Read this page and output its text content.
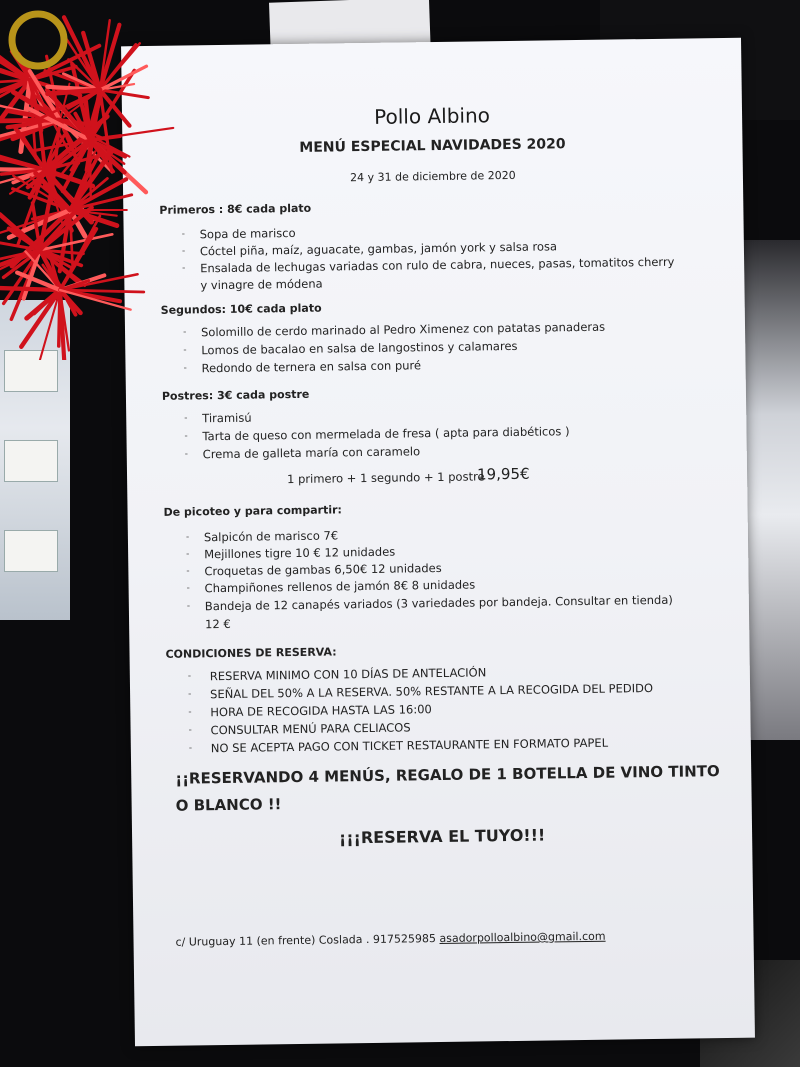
Pollo Albino
MENÚ ESPECIAL NAVIDADES 2020
24 y 31 de diciembre de 2020
Primeros : 8€ cada plato
- Sopa de marisco
- Cóctel piña, maíz, aguacate, gambas, jamón york y salsa rosa
- Ensalada de lechugas variadas con rulo de cabra, nueces, pasas, tomatitos cherry
y vinagre de módena
Segundos: 10€ cada plato
- Solomillo de cerdo marinado al Pedro Ximenez con patatas panaderas
- Lomos de bacalao en salsa de langostinos y calamares
- Redondo de ternera en salsa con puré
Postres: 3€ cada postre
- Tiramisú
- Tarta de queso con mermelada de fresa ( apta para diabéticos )
- Crema de galleta maría con caramelo
1 primero + 1 segundo + 1 postre
19,95€
De picoteo y para compartir:
- Salpicón de marisco 7€
- Mejillones tigre 10 € 12 unidades
- Croquetas de gambas 6,50€ 12 unidades
- Champiñones rellenos de jamón 8€ 8 unidades
- Bandeja de 12 canapés variados (3 variedades por bandeja. Consultar en tienda)
12 €
CONDICIONES DE RESERVA:
- RESERVA MINIMO CON 10 DÍAS DE ANTELACIÓN
- SEÑAL DEL 50% A LA RESERVA. 50% RESTANTE A LA RECOGIDA DEL PEDIDO
- HORA DE RECOGIDA HASTA LAS 16:00
- CONSULTAR MENÚ PARA CELIACOS
- NO SE ACEPTA PAGO CON TICKET RESTAURANTE EN FORMATO PAPEL
¡¡RESERVANDO 4 MENÚS, REGALO DE 1 BOTELLA DE VINO TINTO
O BLANCO !!
¡¡¡RESERVA EL TUYO!!!
c/ Uruguay 11 (en frente) Coslada . 917525985 asadorpolloalbino@gmail.com
